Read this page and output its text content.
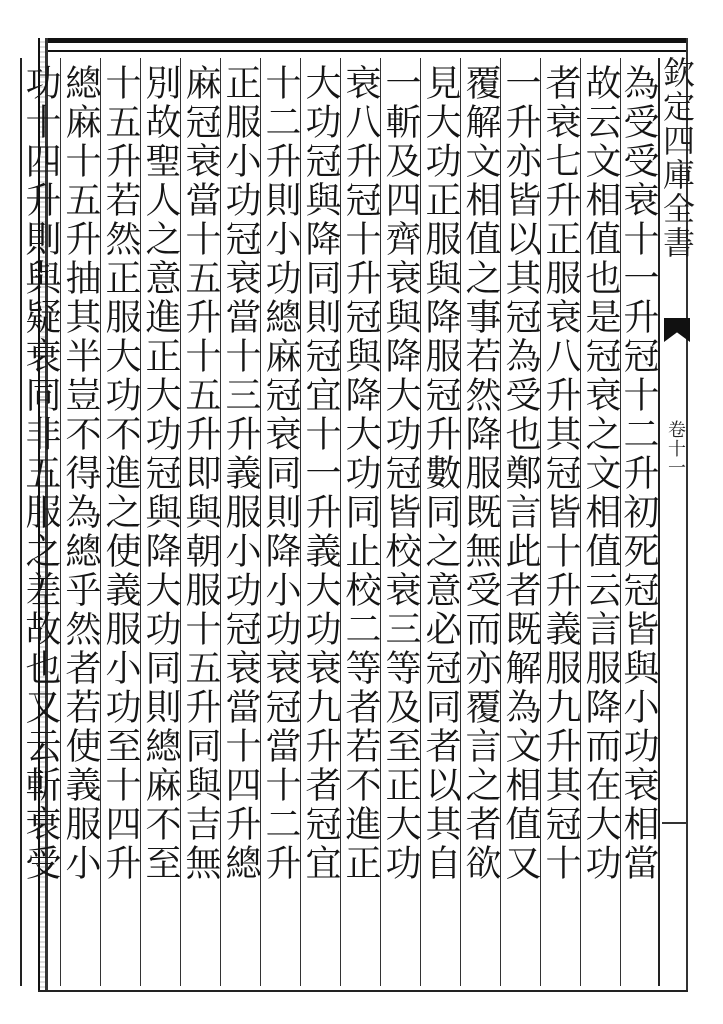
欽定四庫全書
卷十一
為受受衰十一升冠十二升初死冠皆與小功衰相當
故云文相值也是冠衰之文相值云言服降而在大功
者衰七升正服衰八升其冠皆十升義服九升其冠十
一升亦皆以其冠為受也鄭言此者既解為文相值又
覆解文相值之事若然降服既無受而亦覆言之者欲
見大功正服與降服冠升數同之意必冠同者以其自
一斬及四齊衰與降大功冠皆校衰三等及至正大功
衰八升冠十升冠與降大功同止校二等者若不進正
大功冠與降同則冠宜十一升義大功衰九升者冠宜
十二升則小功總麻冠衰同則降小功衰冠當十二升
正服小功冠衰當十三升義服小功冠衰當十四升總
麻冠衰當十五升十五升即與朝服十五升同與吉無
別故聖人之意進正大功冠與降大功同則總麻不至
十五升若然正服大功不進之使義服小功至十四升
總麻十五升抽其半豈不得為總乎然者若使義服小
功十四升則與疑衰同非五服之差故也又云斬衰受
